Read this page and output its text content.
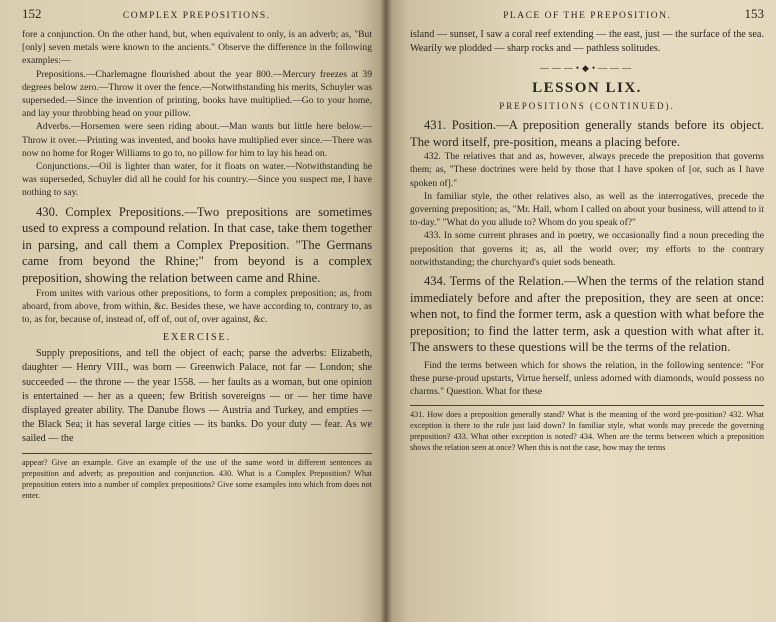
152	COMPLEX PREPOSITIONS.

fore a conjunction. On the other hand, but, when equivalent to only, is an adverb; as, "But [only] seven metals were known to the ancients." Observe the difference in the following examples:—

Prepositions.—Charlemagne flourished about the year 800.—Mercury freezes at 39 degrees below zero.—Throw it over the fence.—Notwithstanding his merits, Schuyler was superseded.—Since the invention of printing, books have multiplied.—Go to your home, and lay your throbbing head on your pillow.

Adverbs.—Horsemen were seen riding about.—Man wants but little here below.—Throw it over.—Printing was invented, and books have multiplied ever since.—There was now no home for Roger Williams to go to, no pillow for him to lay his head on.

Conjunctions.—Oil is lighter than water, for it floats on water.—Notwithstanding he was superseded, Schuyler did all he could for his country.—Since you suspect me, I have nothing to say.

430. Complex Prepositions.—Two prepositions are sometimes used to express a compound relation. In that case, take them together in parsing, and call them a Complex Preposition. "The Germans came from beyond the Rhine;" from beyond is a complex preposition, showing the relation between came and Rhine.

From unites with various other prepositions, to form a complex preposition; as, from aboard, from above, from within, &c. Besides these, we have according to, contrary to, as to, as for, because of, instead of, off of, out of, over against, &c.

EXERCISE.

Supply prepositions, and tell the object of each; parse the adverbs: Elizabeth, daughter — Henry VIII., was born — Greenwich Palace, not far — London; she succeeded — the throne — the year 1558. — her faults as a woman, but one opinion is entertained — her as a queen; few British sovereigns — or — her time have displayed greater ability. The Danube flows — Austria and Turkey, and empties — the Black Sea; it has several large cities — its banks. Do your duty — fear. As we sailed — the

appear? Give an example. Give an example of the use of the same word in different sentences as preposition and adverb; as preposition and conjunction. 430. What is a Complex Preposition? What preposition enters into a number of complex prepositions? Give some examples into which from does not enter.

PLACE OF THE PREPOSITION.	153

island — sunset, I saw a coral reef extending — the east, just — the surface of the sea. Wearily we plodded — sharp rocks and — pathless solitudes.

———•◆•———
LESSON LIX.
PREPOSITIONS (CONTINUED).

431. Position.—A preposition generally stands before its object. The word itself, pre-position, means a placing before.

432. The relatives that and as, however, always precede the preposition that governs them; as, "These doctrines were held by those that I have spoken of [or, such as I have spoken of]."

In familiar style, the other relatives also, as well as the interrogatives, precede the governing preposition; as, "Mr. Hall, whom I called on about your business, will attend to it to-day." "What do you allude to? Whom do you speak of?"

433. In some current phrases and in poetry, we occasionally find a noun preceding the preposition that governs it; as, all the world over; my efforts to the contrary notwithstanding; the churchyard's quiet sods beneath.

434. Terms of the Relation.—When the terms of the relation stand immediately before and after the preposition, they are seen at once: when not, to find the former term, ask a question with what before the preposition; to find the latter term, ask a question with what after it. The answers to these questions will be the terms of the relation.

Find the terms between which for shows the relation, in the following sentence: "For these purse-proud upstarts, Virtue herself, unless adorned with diamonds, would possess no charms." Question. What for these

431. How does a preposition generally stand? What is the meaning of the word pre-position? 432. What exception is there to the rule just laid down? In familiar style, what words may precede the governing preposition? 433. What other exception is noted? 434. When are the terms between which a preposition shows the relation seen at once? When this is not the case, how may the terms
